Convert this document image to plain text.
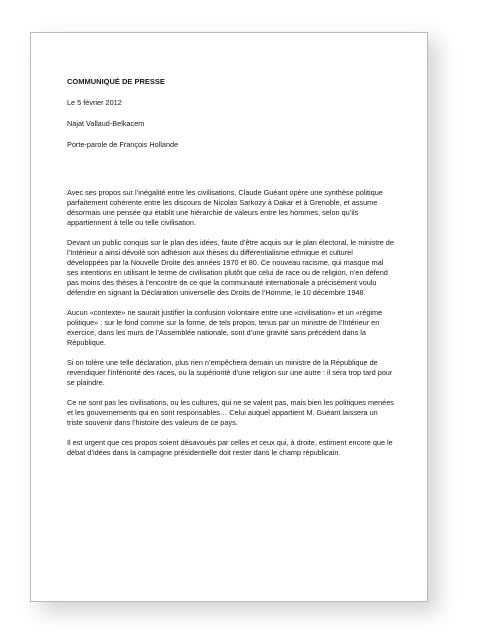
COMMUNIQUÉ DE PRESSE
Le 5 février 2012
Najat Vallaud-Belkacem
Porte-parole de François Hollande

Avec ses propos sur l’inégalité entre les civilisations, Claude Guéant opère une synthèse politique parfaitement cohérente entre les discours de Nicolas Sarkozy à Dakar et à Grenoble, et assume désormais une pensée qui établit une hiérarchie de valeurs entre les hommes, selon qu’ils appartiennent à telle ou telle civilisation.

Devant un public conquis sur le plan des idées, faute d’être acquis sur le plan électoral, le ministre de l’Intérieur a ainsi dévoilé son adhésion aux thèses du différentialisme ethnique et culturel développées par la Nouvelle Droite des années 1970 et 80. Ce nouveau racisme, qui masque mal ses intentions en utilisant le terme de civilisation plutôt que celui de race ou de religion, n’en défend pas moins des thèses à l’encontre de ce que la communauté internationale a précisément voulu défendre en signant la Déclaration universelle des Droits de l’Homme, le 10 décembre 1948.

Aucun «contexte» ne saurait justifier la confusion volontaire entre une «civilisation» et un «régime politique» : sur le fond comme sur la forme, de tels propos, tenus par un ministre de l’Intérieur en exercice, dans les murs de l’Assemblée nationale, sont d’une gravité sans précédent dans la République.

Si on tolère une telle déclaration, plus rien n’empêchera demain un ministre de la République de revendiquer l’infériorité des races, ou la supériorité d’une religion sur une autre : il sera trop tard pour se plaindre.

Ce ne sont pas les civilisations, ou les cultures, qui ne se valent pas, mais bien les politiques menées et les gouvernements qui en sont responsables… Celui auquel appartient M. Guéant laissera un triste souvenir dans l’histoire des valeurs de ce pays.

Il est urgent que ces propos soient désavoués par celles et ceux qui, à droite, estiment encore que le débat d’idées dans la campagne présidentielle doit rester dans le champ républicain.
